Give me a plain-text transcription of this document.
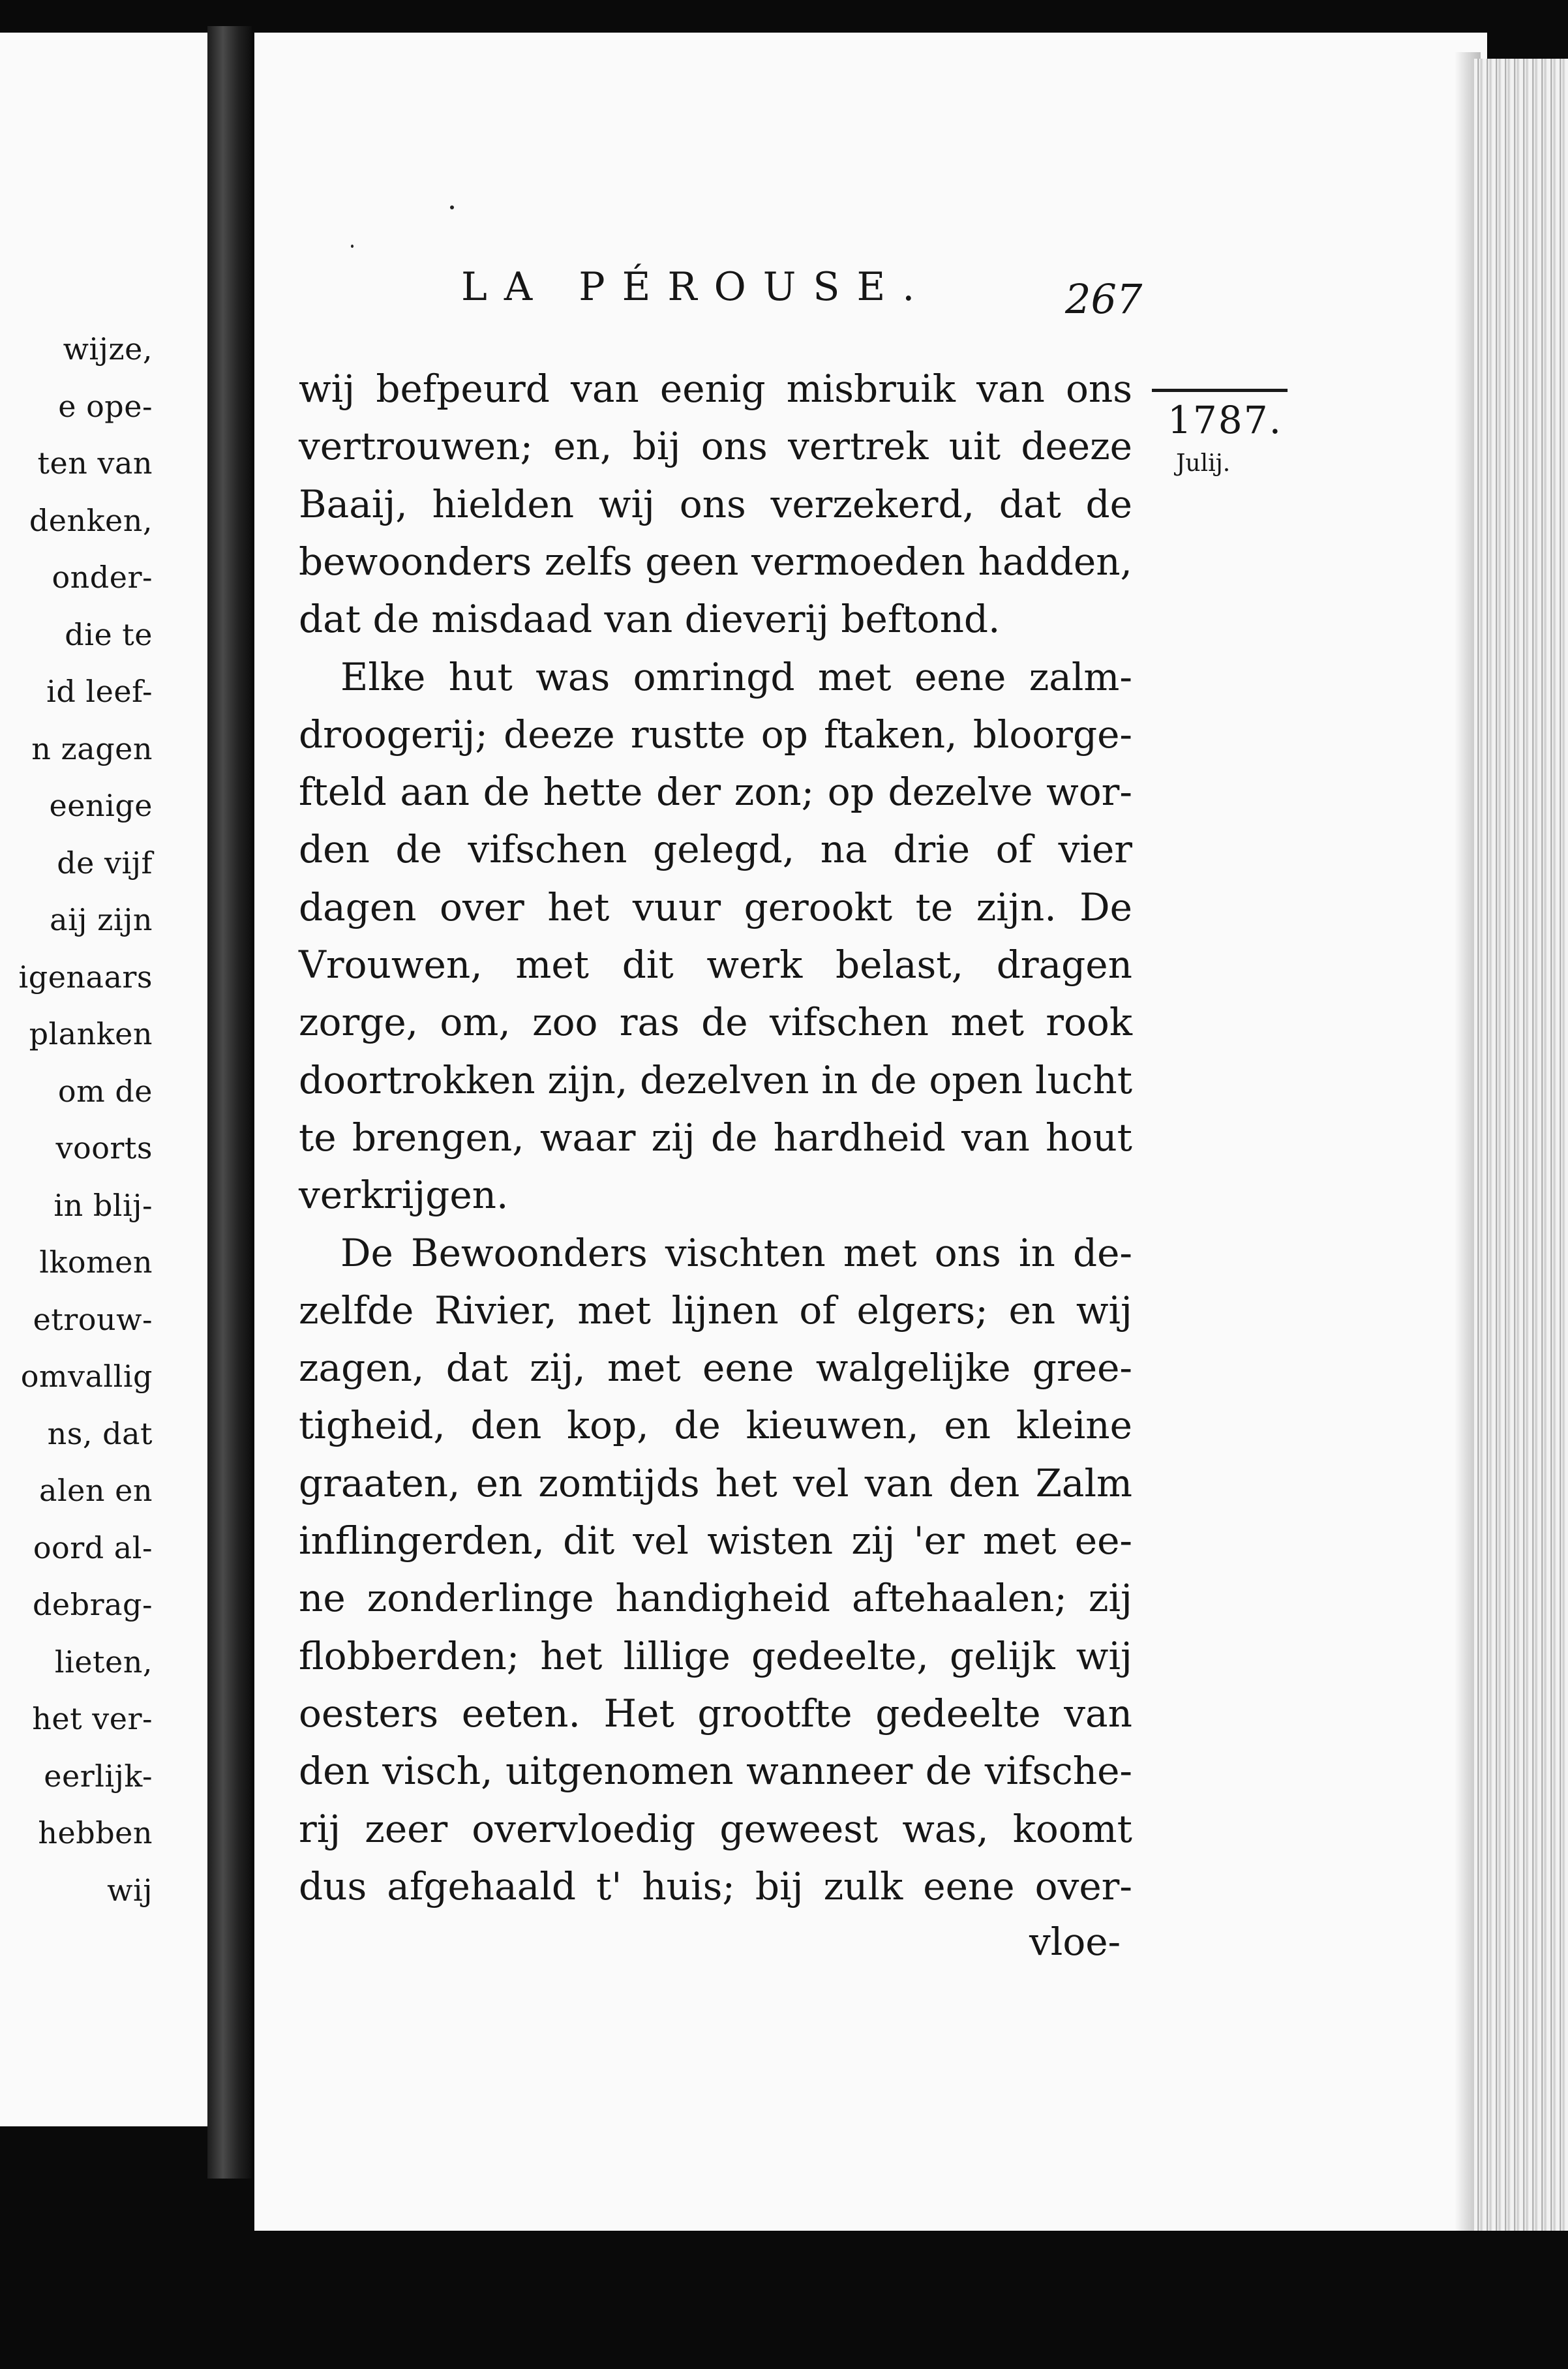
wijze,
e ope-
ten van
denken,
onder-
die te
id leef-
n zagen
eenige
de vijf
aij zijn
igenaars
planken
om de
voorts
in blij-
lkomen
etrouw-
omvallig
ns, dat
alen en
oord al-
debrag-
lieten,
het ver-
eerlijk-
hebben
wij
LA PÉROUSE.	267
1787.
Julij.
wij befpeurd van eenig misbruik van ons
vertrouwen; en, bij ons vertrek uit deeze
Baaij, hielden wij ons verzekerd, dat de
bewoonders zelfs geen vermoeden hadden,
dat de misdaad van dieverij beftond.
Elke hut was omringd met eene zalm-
droogerij; deeze rustte op ftaken, bloorge-
fteld aan de hette der zon; op dezelve wor-
den de vifschen gelegd, na drie of vier
dagen over het vuur gerookt te zijn. De
Vrouwen, met dit werk belast, dragen
zorge, om, zoo ras de vifschen met rook
doortrokken zijn, dezelven in de open lucht
te brengen, waar zij de hardheid van hout
verkrijgen.
De Bewoonders vischten met ons in de-
zelfde Rivier, met lijnen of elgers; en wij
zagen, dat zij, met eene walgelijke gree-
tigheid, den kop, de kieuwen, en kleine
graaten, en zomtijds het vel van den Zalm
inflingerden, dit vel wisten zij 'er met ee-
ne zonderlinge handigheid aftehaalen; zij
flobberden; het lillige gedeelte, gelijk wij
oesters eeten. Het grootfte gedeelte van
den visch, uitgenomen wanneer de vifsche-
rij zeer overvloedig geweest was, koomt
dus afgehaald t' huis; bij zulk eene over-
vloe-
